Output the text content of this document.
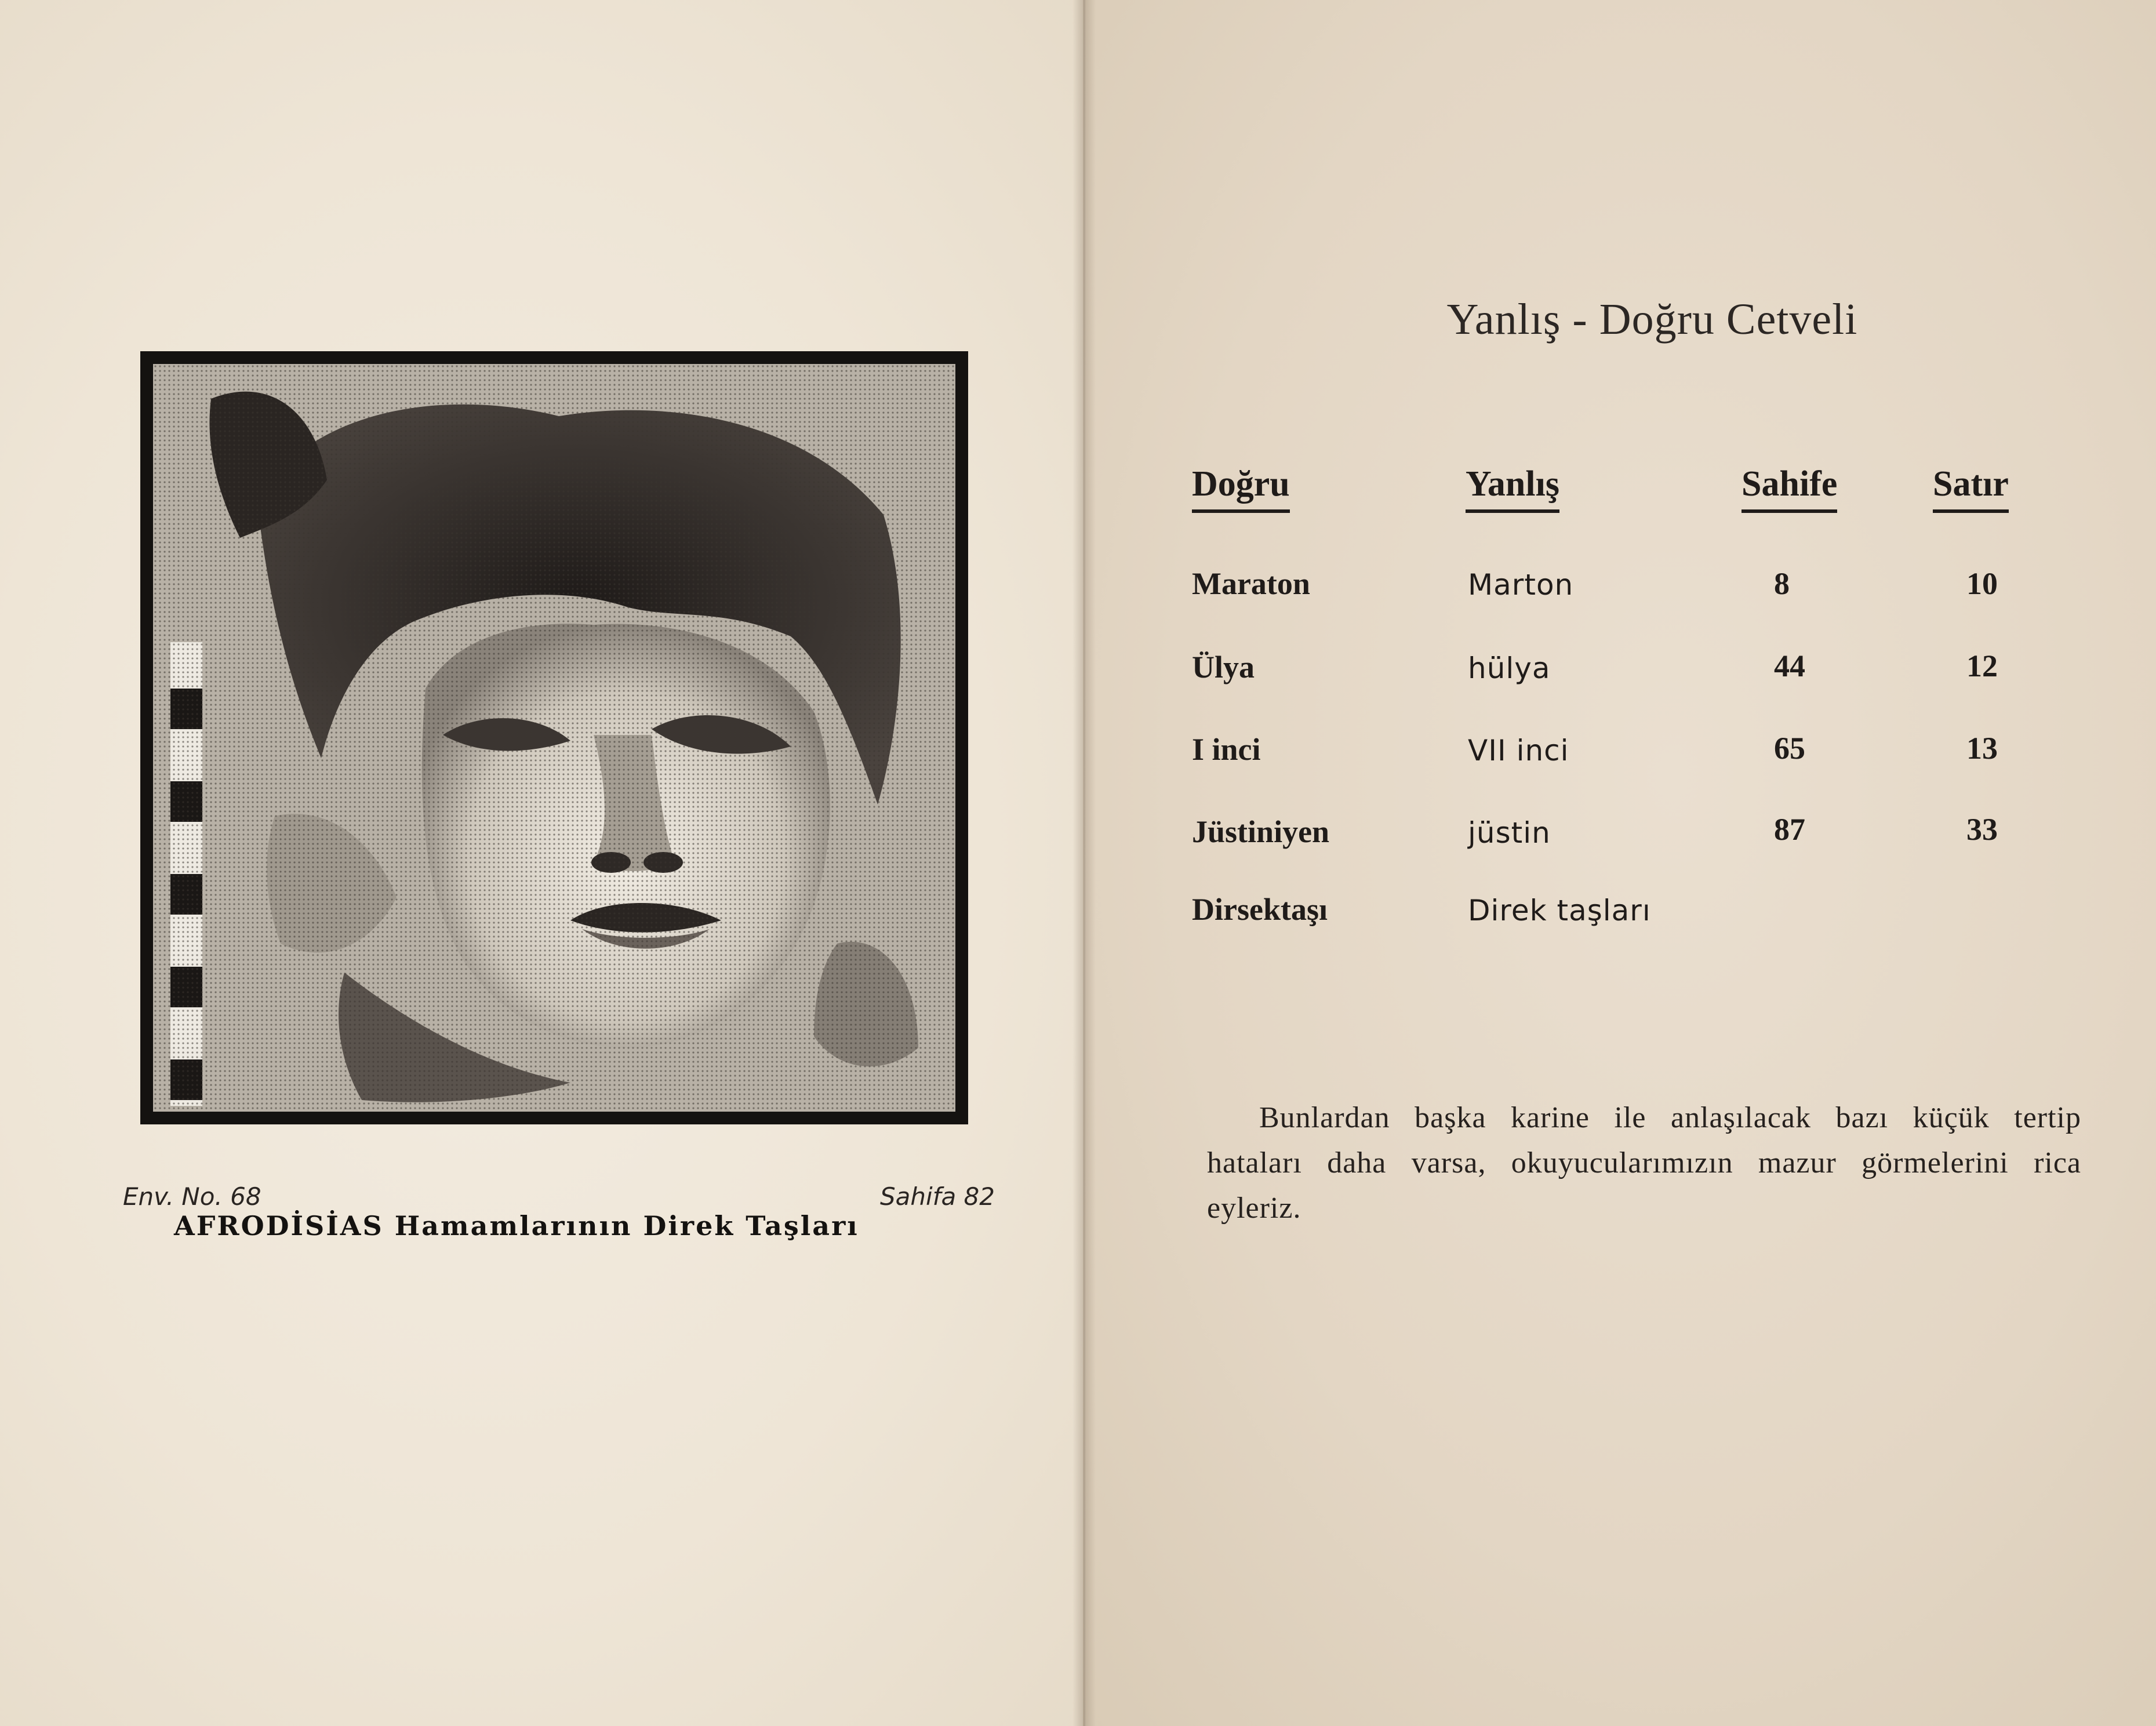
Env. No. 68	Sahifa 82
AFRODİSİAS Hamamlarının Direk Taşları
Yanlış - Doğru Cetveli
Doğru	Yanlış	Sahife	Satır
Maraton	Marton	8	10
Ülya	hülya	44	12
I inci	VII inci	65	13
Jüstiniyen	jüstin	87	33
Dirsektaşı	Direk taşları
Bunlardan başka karine ile anlaşılacak bazı küçük tertip hataları daha varsa, okuyucularımızın mazur görmelerini rica eyleriz.
